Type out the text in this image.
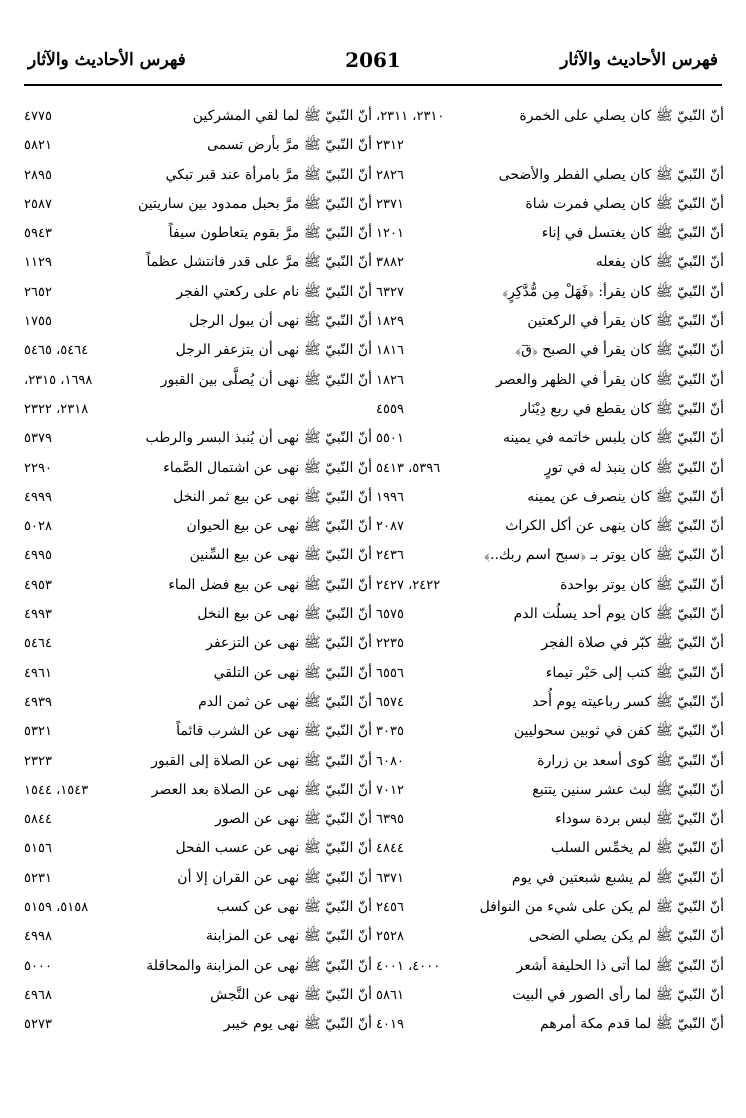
فهرس الأحاديث والآثار
2061
فهرس الأحاديث والآثار
أنّ النّبيّ ﷺ كان يصلي على الخمرة
٢٣١٠، ٢٣١١،
٢٣١٢
أنّ النّبيّ ﷺ كان يصلي الفطر والأضحى
٢٨٢٦
أنّ النّبيّ ﷺ كان يصلي فمرت شاة
٢٣٧١
أنّ النّبيّ ﷺ كان يغتسل في إناء
١٢٠١
أنّ النّبيّ ﷺ كان يفعله
٣٨٨٢
أنّ النّبيّ ﷺ كان يقرأ: ﴿فَهَلْ مِن مُّدَّكِرٍ﴾
٦٣٢٧
أنّ النّبيّ ﷺ كان يقرأ في الركعتين
١٨٢٩
أنّ النّبيّ ﷺ كان يقرأ في الصبح ﴿قٓ﴾
١٨١٦
أنّ النّبيّ ﷺ كان يقرأ في الظهر والعصر
١٨٢٦
أنّ النّبيّ ﷺ كان يقطع في ربع دِيْنَار
٤٥٥٩
أنّ النّبيّ ﷺ كان يلبس خاتمه في يمينه
٥٥٠١
أنّ النّبيّ ﷺ كان ينبذ له في تورٍ
٥٣٩٦، ٥٤١٣
أنّ النّبيّ ﷺ كان ينصرف عن يمينه
١٩٩٦
أنّ النّبيّ ﷺ كان ينهى عن أكل الكراث
٢٠٨٧
أنّ النّبيّ ﷺ كان يوتر بـ ﴿سبح اسم ربك..﴾
٢٤٣٦
أنّ النّبيّ ﷺ كان يوتر بواحدة
٢٤٢٢، ٢٤٢٧
أنّ النّبيّ ﷺ كان يوم أحد يسلُت الدم
٦٥٧٥
أنّ النّبيّ ﷺ كبّر في صلاة الفجر
٢٢٣٥
أنّ النّبيّ ﷺ كتب إلى حَبْر تيماء
٦٥٥٦
أنّ النّبيّ ﷺ كسر رباعيته يوم أُحد
٦٥٧٤
أنّ النّبيّ ﷺ كفن في ثوبين سحوليين
٣٠٣٥
أنّ النّبيّ ﷺ كوى أسعد بن زرارة
٦٠٨٠
أنّ النّبيّ ﷺ لبث عشر سنين يتتبع
٧٠١٢
أنّ النّبيّ ﷺ لبس بردة سوداء
٦٣٩٥
أنّ النّبيّ ﷺ لم يخمِّس السلب
٤٨٤٤
أنّ النّبيّ ﷺ لم يشبع شبعتين في يوم
٦٣٧١
أنّ النّبيّ ﷺ لم يكن على شيء من النوافل
٢٤٥٦
أنّ النّبيّ ﷺ لم يكن يصلي الضحى
٢٥٢٨
أنّ النّبيّ ﷺ لما أتى ذا الحليفة أشعر
٤٠٠٠، ٤٠٠١
أنّ النّبيّ ﷺ لما رأى الصور في البيت
٥٨٦١
أنّ النّبيّ ﷺ لما قدم مكة أمرهم
٤٠١٩
أنّ النّبيّ ﷺ لما لقي المشركين
٤٧٧٥
أنّ النّبيّ ﷺ مرَّ بأرض تسمى
٥٨٢١
أنّ النّبيّ ﷺ مرَّ بامرأة عند قبر تبكي
٢٨٩٥
أنّ النّبيّ ﷺ مرَّ بحبل ممدود بين ساريتين
٢٥٨٧
أنّ النّبيّ ﷺ مرَّ بقوم يتعاطون سيفاً
٥٩٤٣
أنّ النّبيّ ﷺ مرَّ على قدر فانتشل عظماً
١١٢٩
أنّ النّبيّ ﷺ نام على ركعتي الفجر
٢٦٥٢
أنّ النّبيّ ﷺ نهى أن يبول الرجل
١٧٥٥
أنّ النّبيّ ﷺ نهى أن يتزعفر الرجل
٥٤٦٤، ٥٤٦٥
أنّ النّبيّ ﷺ نهى أن يُصلَّى بين القبور
١٦٩٨، ٢٣١٥،
٢٣١٨، ٢٣٢٢
أنّ النّبيّ ﷺ نهى أن يُنبذ البسر والرطب
٥٣٧٩
أنّ النّبيّ ﷺ نهى عن اشتمال الصَّماء
٢٢٩٠
أنّ النّبيّ ﷺ نهى عن بيع ثمر النخل
٤٩٩٩
أنّ النّبيّ ﷺ نهى عن بيع الحيوان
٥٠٢٨
أنّ النّبيّ ﷺ نهى عن بيع السِّنين
٤٩٩٥
أنّ النّبيّ ﷺ نهى عن بيع فضل الماء
٤٩٥٣
أنّ النّبيّ ﷺ نهى عن بيع النخل
٤٩٩٣
أنّ النّبيّ ﷺ نهى عن التزعفر
٥٤٦٤
أنّ النّبيّ ﷺ نهى عن التلقي
٤٩٦١
أنّ النّبيّ ﷺ نهى عن ثمن الدم
٤٩٣٩
أنّ النّبيّ ﷺ نهى عن الشرب قائماً
٥٣٢١
أنّ النّبيّ ﷺ نهى عن الصلاة إلى القبور
٢٣٢٣
أنّ النّبيّ ﷺ نهى عن الصلاة بعد العصر
١٥٤٣، ١٥٤٤
أنّ النّبيّ ﷺ نهى عن الصور
٥٨٤٤
أنّ النّبيّ ﷺ نهى عن عسب الفحل
٥١٥٦
أنّ النّبيّ ﷺ نهى عن القران إلا أن
٥٢٣١
أنّ النّبيّ ﷺ نهى عن كسب
٥١٥٨، ٥١٥٩
أنّ النّبيّ ﷺ نهى عن المزابنة
٤٩٩٨
أنّ النّبيّ ﷺ نهى عن المزابنة والمحاقلة
٥٠٠٠
أنّ النّبيّ ﷺ نهى عن النَّجش
٤٩٦٨
أنّ النّبيّ ﷺ نهى يوم خيبر
٥٢٧٣
